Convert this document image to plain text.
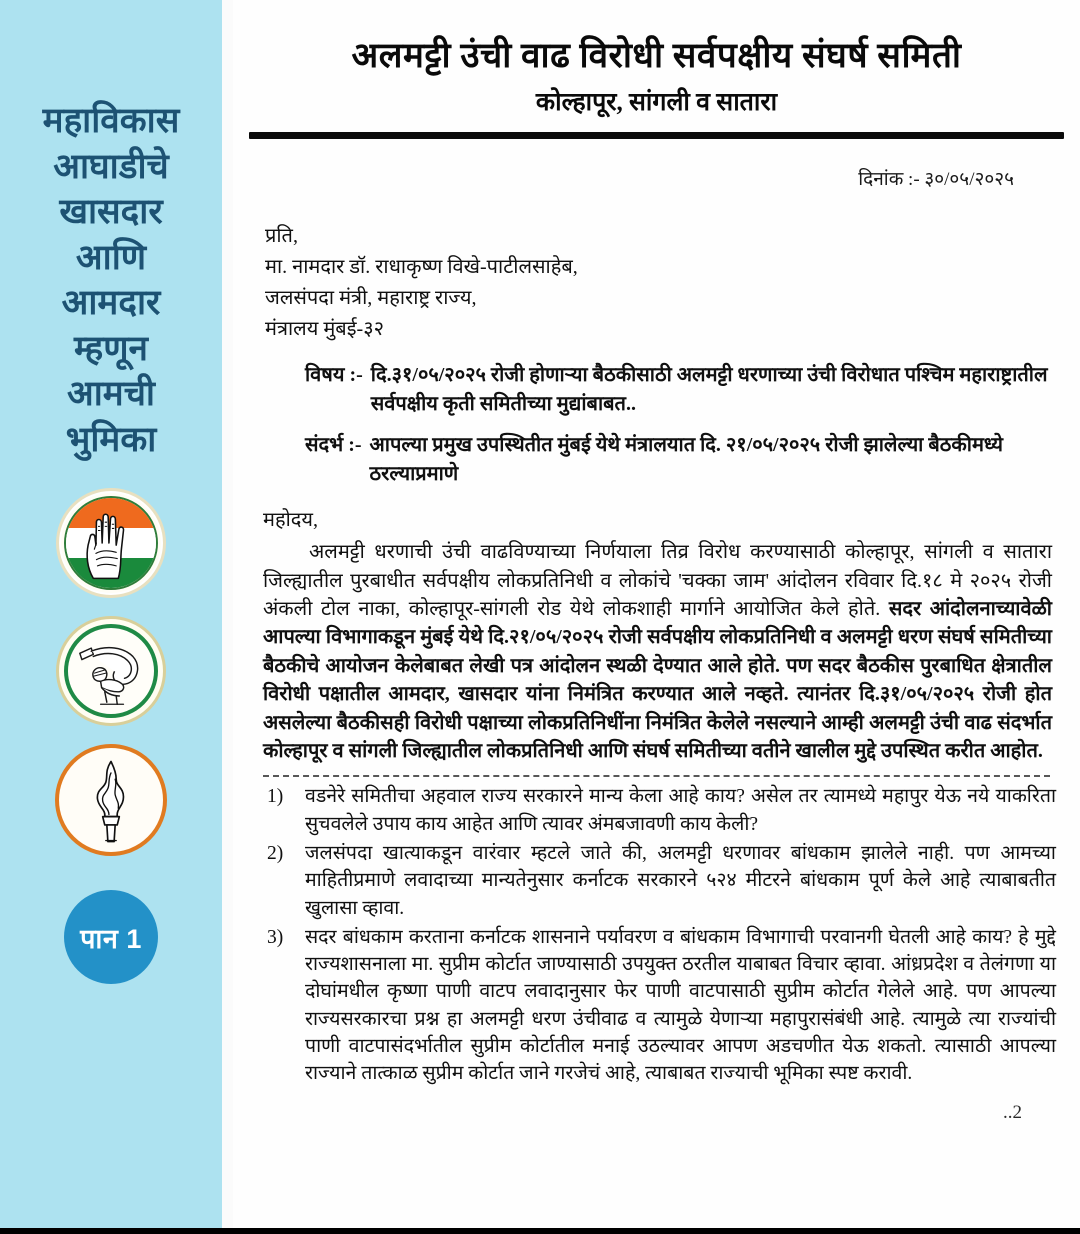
महाविकास
आघाडीचे
खासदार
आणि
आमदार
म्हणून
आमची
भुमिका
पान 1
अलमट्टी उंची वाढ विरोधी सर्वपक्षीय संघर्ष समिती
कोल्हापूर, सांगली व सातारा
दिनांक :- ३०/०५/२०२५
प्रति,
मा. नामदार डॉ. राधाकृष्ण विखे-पाटीलसाहेब,
जलसंपदा मंत्री, महाराष्ट्र राज्य,
मंत्रालय मुंबई-३२
विषय :- दि.३१/०५/२०२५ रोजी होणाऱ्या बैठकीसाठी अलमट्टी धरणाच्या उंची विरोधात पश्चिम महाराष्ट्रातील सर्वपक्षीय कृती समितीच्या मुद्यांबाबत..
संदर्भ :- आपल्या प्रमुख उपस्थितीत मुंबई येथे मंत्रालयात दि. २१/०५/२०२५ रोजी झालेल्या बैठकीमध्ये ठरल्याप्रमाणे
महोदय,
अलमट्टी धरणाची उंची वाढविण्याच्या निर्णयाला तिव्र विरोध करण्यासाठी कोल्हापूर, सांगली व सातारा जिल्ह्यातील पुरबाधीत सर्वपक्षीय लोकप्रतिनिधी व लोकांचे 'चक्का जाम' आंदोलन रविवार दि.१८ मे २०२५ रोजी अंकली टोल नाका, कोल्हापूर-सांगली रोड येथे लोकशाही मार्गाने आयोजित केले होते. सदर आंदोलनाच्यावेळी आपल्या विभागाकडून मुंबई येथे दि.२१/०५/२०२५ रोजी सर्वपक्षीय लोकप्रतिनिधी व अलमट्टी धरण संघर्ष समितीच्या बैठकीचे आयोजन केलेबाबत लेखी पत्र आंदोलन स्थळी देण्यात आले होते. पण सदर बैठकीस पुरबाधित क्षेत्रातील विरोधी पक्षातील आमदार, खासदार यांना निमंत्रित करण्यात आले नव्हते. त्यानंतर दि.३१/०५/२०२५ रोजी होत असलेल्या बैठकीसही विरोधी पक्षाच्या लोकप्रतिनिधींना निमंत्रित केलेले नसल्याने आम्ही अलमट्टी उंची वाढ संदर्भात कोल्हापूर व सांगली जिल्ह्यातील लोकप्रतिनिधी आणि संघर्ष समितीच्या वतीने खालील मुद्दे उपस्थित करीत आहोत.
1)	वडनेरे समितीचा अहवाल राज्य सरकारने मान्य केला आहे काय? असेल तर त्यामध्ये महापुर येऊ नये याकरिता सुचवलेले उपाय काय आहेत आणि त्यावर अंमबजावणी काय केली?
2)	जलसंपदा खात्याकडून वारंवार म्हटले जाते की, अलमट्टी धरणावर बांधकाम झालेले नाही. पण आमच्या माहितीप्रमाणे लवादाच्या मान्यतेनुसार कर्नाटक सरकारने ५२४ मीटरने बांधकाम पूर्ण केले आहे त्याबाबतीत खुलासा व्हावा.
3)	सदर बांधकाम करताना कर्नाटक शासनाने पर्यावरण व बांधकाम विभागाची परवानगी घेतली आहे काय? हे मुद्दे राज्यशासनाला मा. सुप्रीम कोर्टात जाण्यासाठी उपयुक्त ठरतील याबाबत विचार व्हावा. आंध्रप्रदेश व तेलंगणा या दोघांमधील कृष्णा पाणी वाटप लवादानुसार फेर पाणी वाटपासाठी सुप्रीम कोर्टात गेलेले आहे. पण आपल्या राज्यसरकारचा प्रश्न हा अलमट्टी धरण उंचीवाढ व त्यामुळे येणाऱ्या महापुरासंबंधी आहे. त्यामुळे त्या राज्यांची पाणी वाटपासंदर्भातील सुप्रीम कोर्टातील मनाई उठल्यावर आपण अडचणीत येऊ शकतो. त्यासाठी आपल्या राज्याने तात्काळ सुप्रीम कोर्टात जाने गरजेचं आहे, त्याबाबत राज्याची भूमिका स्पष्ट करावी.
..2
